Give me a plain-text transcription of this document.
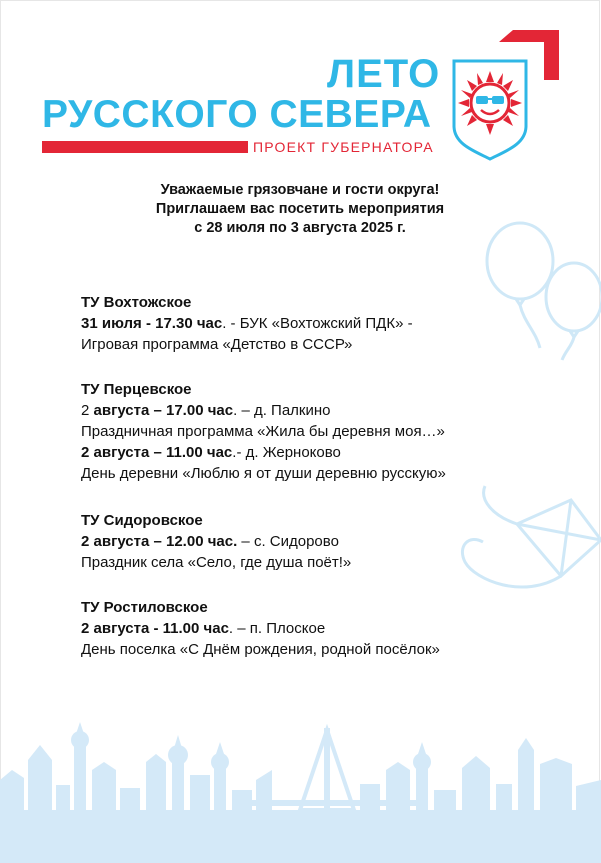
ЛЕТО
РУССКОГО СЕВЕРА
ПРОЕКТ ГУБЕРНАТОРА
Уважаемые грязовчане и гости округа!
Приглашаем вас посетить мероприятия
с 28 июля по 3 августа 2025 г.
ТУ Вохтожское
31 июля - 17.30 час. - БУК «Вохтожский ПДК» -
Игровая программа «Детство в СССР»
ТУ Перцевское
2 августа – 17.00 час. – д. Палкино
Праздничная программа «Жила бы деревня моя…»
2 августа – 11.00 час.- д. Жерноково
День деревни «Люблю я от души деревню русскую»
ТУ Сидоровское
2 августа – 12.00 час. – с. Сидорово
Праздник села «Село, где душа поёт!»
ТУ Ростиловское
2 августа - 11.00 час. – п. Плоское
День поселка «С Днём рождения, родной посёлок»
